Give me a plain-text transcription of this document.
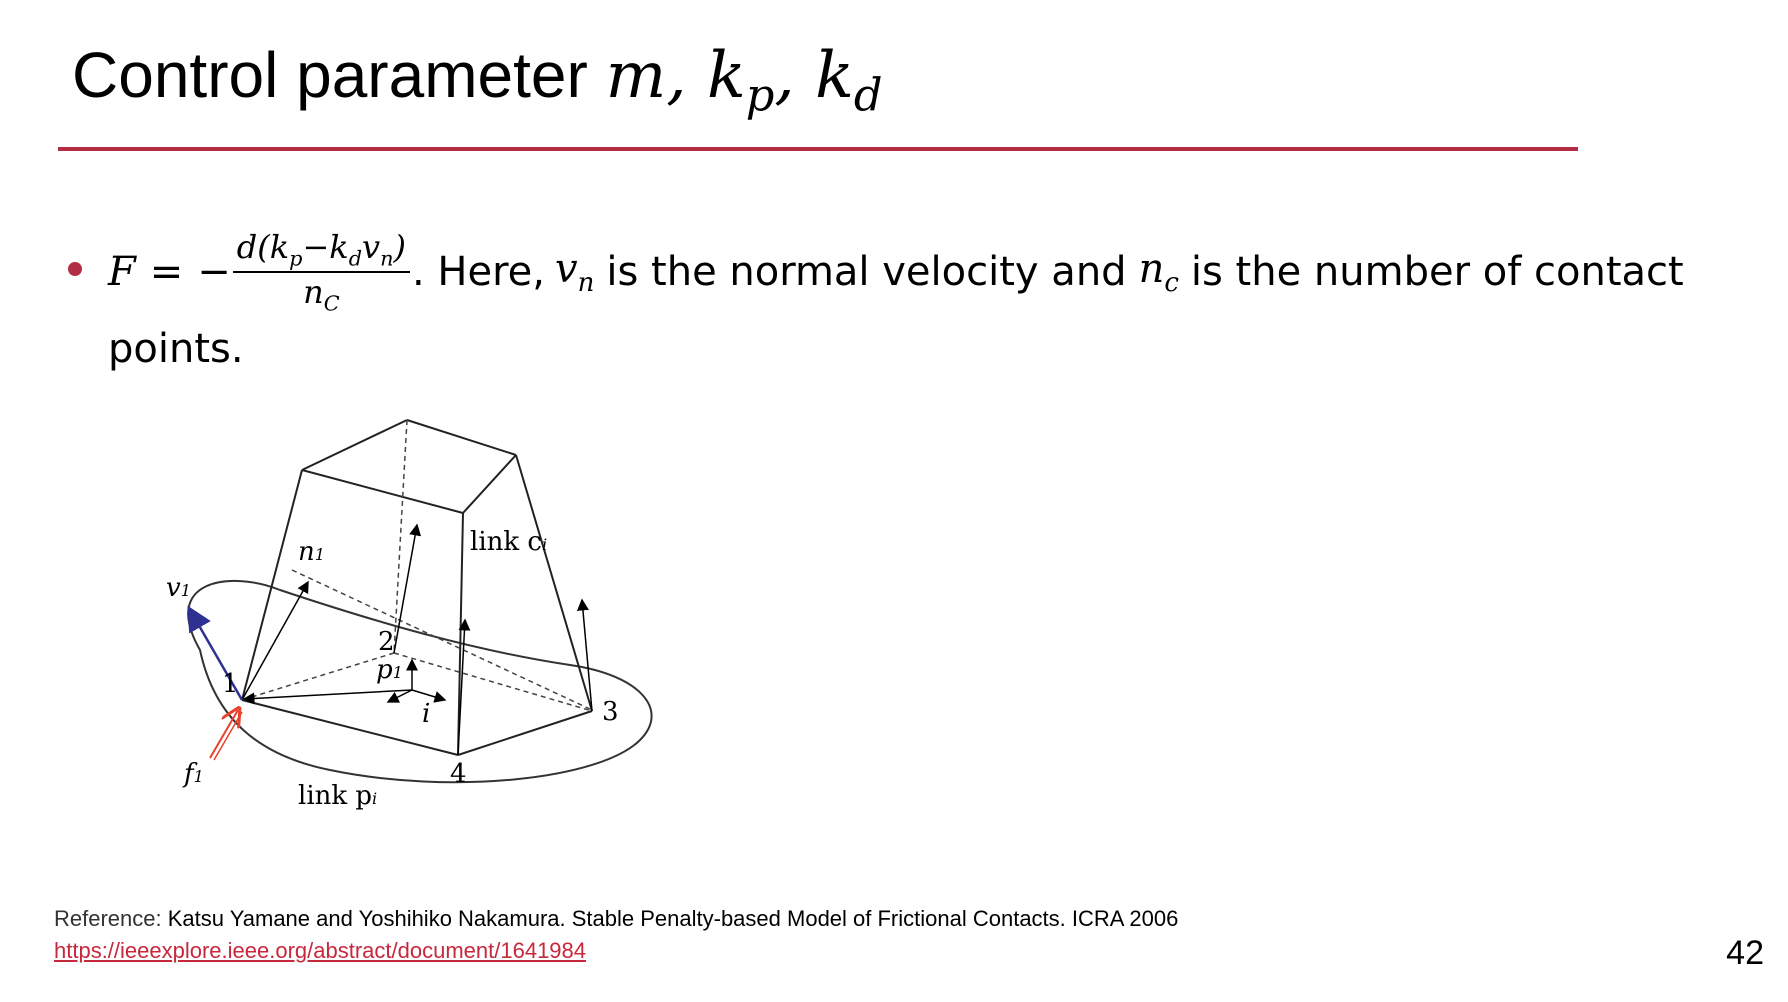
Control parameter m, $k_p$, $k_d$
F = − $\frac{d(k_p-k_dv_n)}{n_C}$ . Here, $v_n$ is the normal velocity and $n_c$ is the number of contact
points.
v1
n1	link ci
2
p1
1
i	3
4
f1
link pi
Reference: Katsu Yamane and Yoshihiko Nakamura. Stable Penalty-based Model of Frictional Contacts. ICRA 2006
https://ieeexplore.ieee.org/abstract/document/1641984	42
